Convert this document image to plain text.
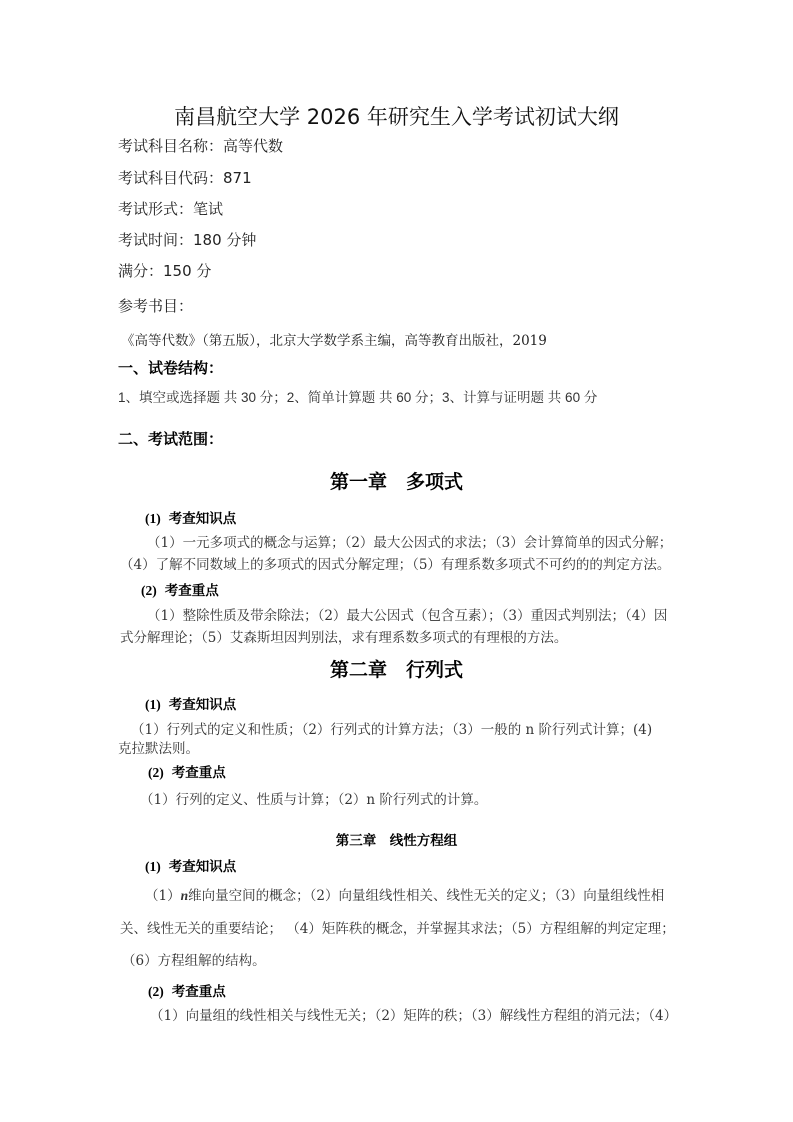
南昌航空大学 2026 年研究生入学考试初试大纲
考试科目名称：高等代数
考试科目代码：871
考试形式：笔试
考试时间：180 分钟
满分：150 分
参考书目：
《高等代数》（第五版），北京大学数学系主编，高等教育出版社，2019
一、试卷结构：
1、填空或选择题 共 30 分；2、简单计算题 共 60 分；3、计算与证明题 共 60 分
二、考试范围：
第一章　多项式
(1) 考查知识点
（1）一元多项式的概念与运算；（2）最大公因式的求法；（3）会计算简单的因式分解；
（4）了解不同数域上的多项式的因式分解定理；（5）有理系数多项式不可约的的判定方法。
(2) 考查重点
（1）整除性质及带余除法；（2）最大公因式（包含互素）；（3）重因式判别法；（4）因
式分解理论；（5）艾森斯坦因判别法，求有理系数多项式的有理根的方法。
第二章　行列式
(1) 考查知识点
（1）行列式的定义和性质；（2）行列式的计算方法；（3）一般的 n 阶行列式计算；(4)
克拉默法则。
(2) 考查重点
（1）行列的定义、性质与计算；（2）n 阶行列式的计算。
第三章　线性方程组
(1) 考查知识点
（1）n维向量空间的概念；（2）向量组线性相关、线性无关的定义；（3）向量组线性相
关、线性无关的重要结论； （4）矩阵秩的概念，并掌握其求法；（5）方程组解的判定定理；
（6）方程组解的结构。
(2) 考查重点
（1）向量组的线性相关与线性无关；（2）矩阵的秩；（3）解线性方程组的消元法；（4）
